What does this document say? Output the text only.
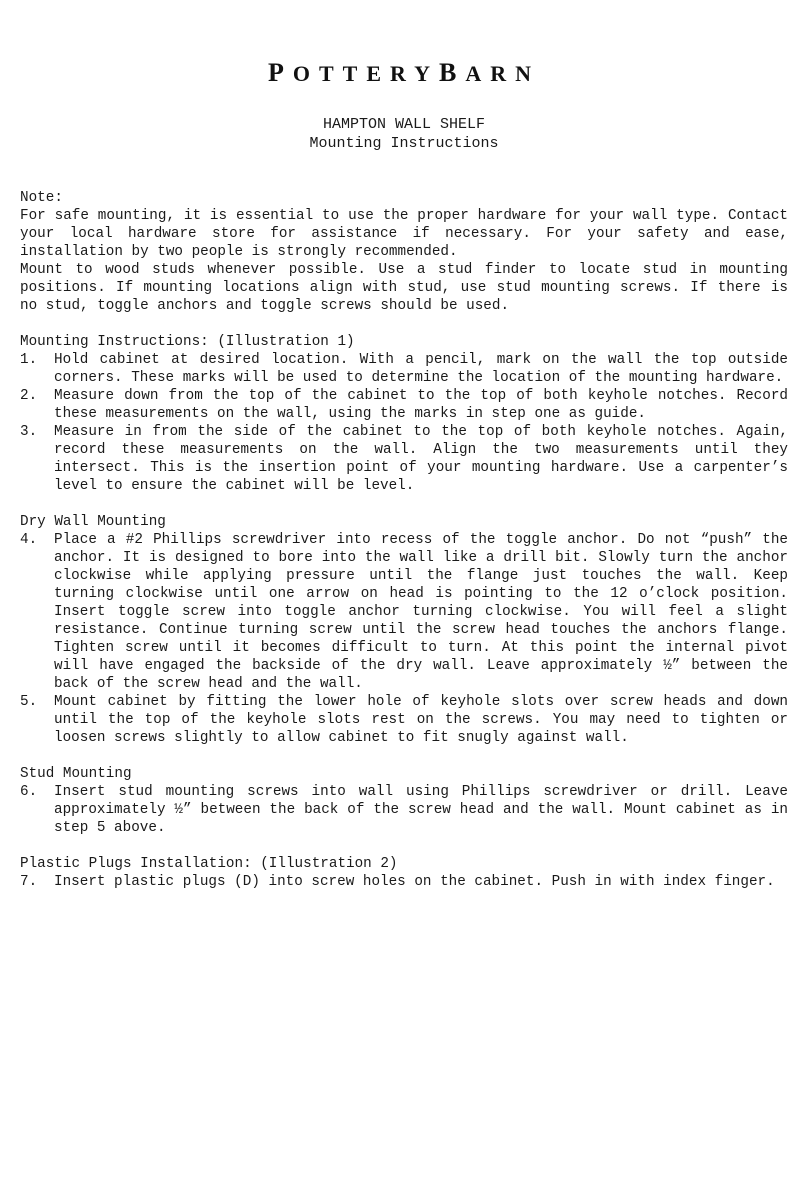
POTTERYBARN
HAMPTON WALL SHELF
Mounting Instructions

Note:

For safe mounting, it is essential to use the proper hardware for your wall type. Contact your local hardware store for assistance if necessary. For your safety and ease, installation by two people is strongly recommended.

Mount to wood studs whenever possible. Use a stud finder to locate stud in mounting positions. If mounting locations align with stud, use stud mounting screws. If there is no stud, toggle anchors and toggle screws should be used.

Mounting Instructions: (Illustration 1)

1.	Hold cabinet at desired location. With a pencil, mark on the wall the top outside corners. These marks will be used to determine the location of the mounting hardware.
2.	Measure down from the top of the cabinet to the top of both keyhole notches. Record these measurements on the wall, using the marks in step one as guide.
3.	Measure in from the side of the cabinet to the top of both keyhole notches. Again, record these measurements on the wall. Align the two measurements until they intersect. This is the insertion point of your mounting hardware. Use a carpenter’s level to ensure the cabinet will be level.

Dry Wall Mounting

4.	Place a #2 Phillips screwdriver into recess of the toggle anchor. Do not “push” the anchor. It is designed to bore into the wall like a drill bit. Slowly turn the anchor clockwise while applying pressure until the flange just touches the wall. Keep turning clockwise until one arrow on head is pointing to the 12 o’clock position. Insert toggle screw into toggle anchor turning clockwise. You will feel a slight resistance. Continue turning screw until the screw head touches the anchors flange. Tighten screw until it becomes difficult to turn. At this point the internal pivot will have engaged the backside of the dry wall. Leave approximately ½” between the back of the screw head and the wall.
5.	Mount cabinet by fitting the lower hole of keyhole slots over screw heads and down until the top of the keyhole slots rest on the screws. You may need to tighten or loosen screws slightly to allow cabinet to fit snugly against wall.

Stud Mounting

6.	Insert stud mounting screws into wall using Phillips screwdriver or drill. Leave approximately ½” between the back of the screw head and the wall. Mount cabinet as in step 5 above.

Plastic Plugs Installation: (Illustration 2)

7.	Insert plastic plugs (D) into screw holes on the cabinet. Push in with index finger.
